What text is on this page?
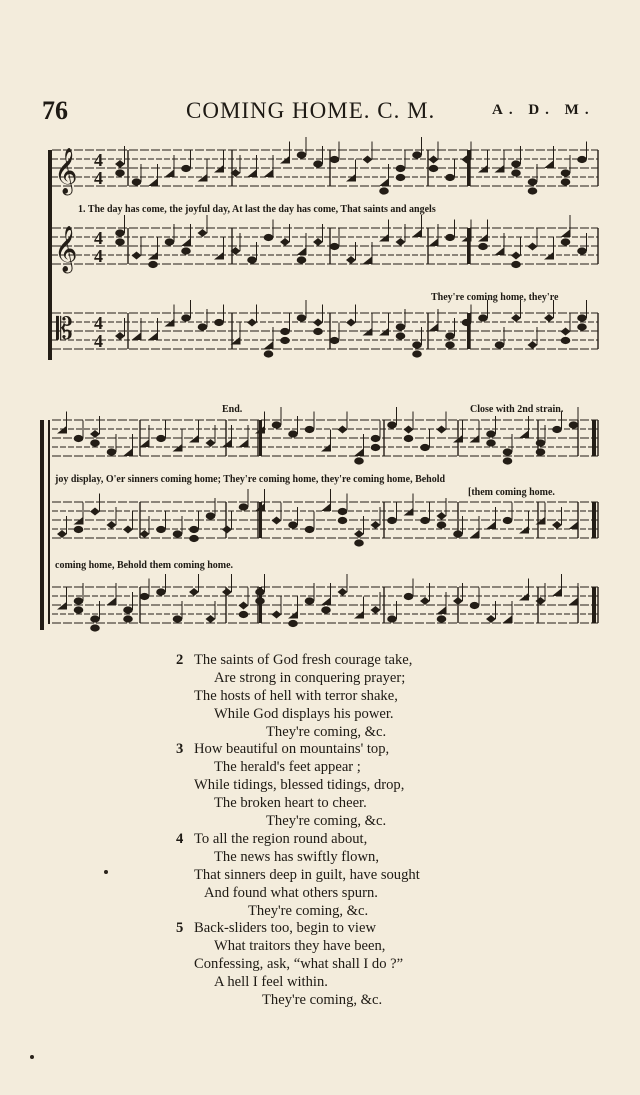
76	COMING HOME. C. M.	A. D. M.
𝄞 4
4
𝄞 4
4
𝄡 4
4
1. The day has come, the joyful day, At last the day has come, That saints and angels
They're coming home, they're
End.	Close with 2nd strain.
joy display, O'er sinners coming home; They're coming home, they're coming home, Behold
[them coming home.
coming home, Behold them coming home.
2 The saints of God fresh courage take,
Are strong in conquering prayer;
The hosts of hell with terror shake,
While God displays his power.
They're coming, &c.
3 How beautiful on mountains' top,
The herald's feet appear ;
While tidings, blessed tidings, drop,
The broken heart to cheer.
They're coming, &c.
4 To all the region round about,
The news has swiftly flown,
That sinners deep in guilt, have sought
And found what others spurn.
They're coming, &c.
5 Back-sliders too, begin to view
What traitors they have been,
Confessing, ask, “what shall I do ?”
A hell I feel within.
They're coming, &c.
